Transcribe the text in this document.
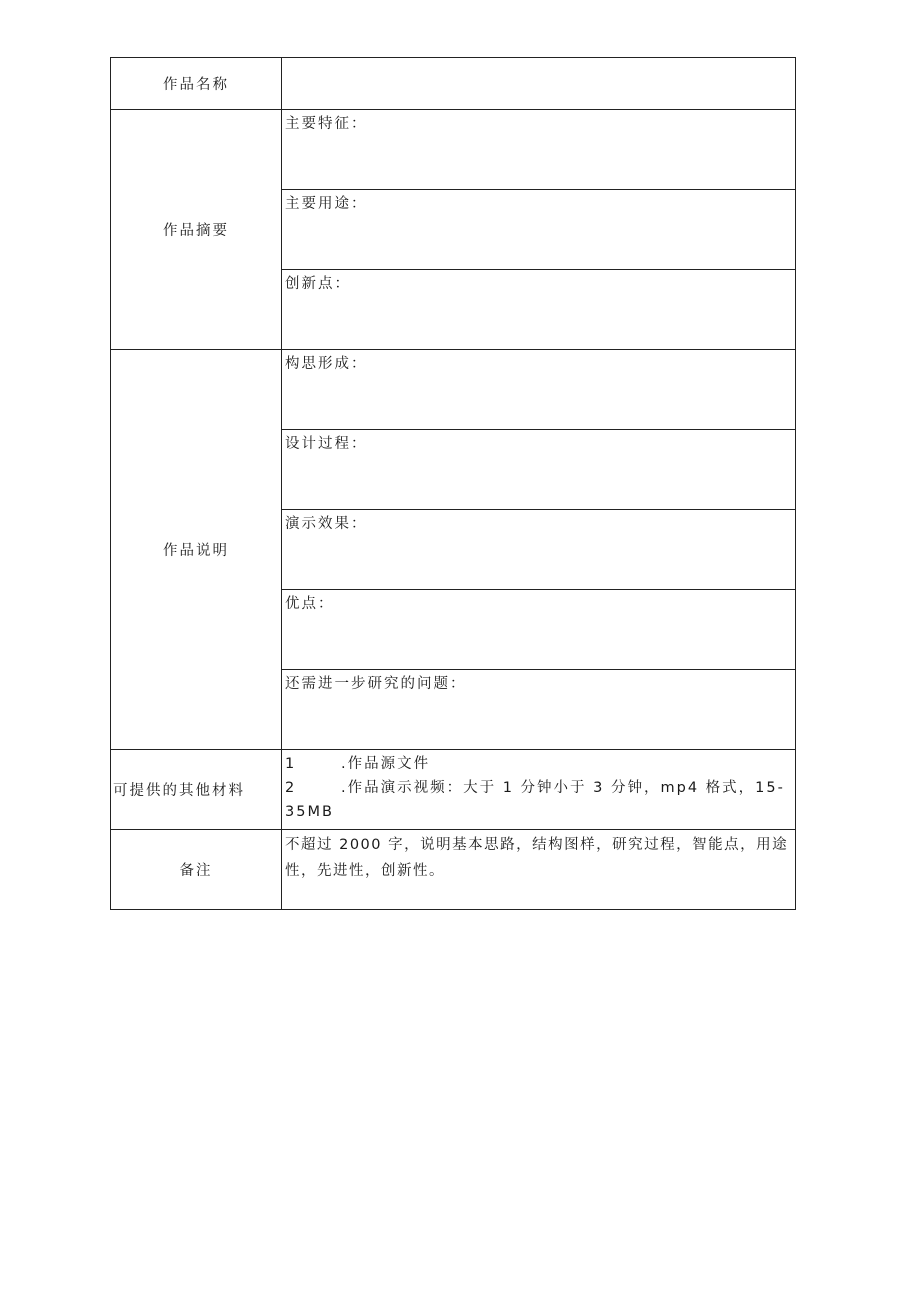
作品名称	
作品摘要	主要特征：
	主要用途：
	创新点：
作品说明	构思形成：
	设计过程：
	演示效果：
	优点：
	还需进一步研究的问题：
可提供的其他材料	1 .作品源文件
2 .作品演示视频：大于 1 分钟小于 3 分钟，mp4 格式，15-
35MB

备注	不超过 2000 字，说明基本思路，结构图样，研究过程，智能点，用途性，先进性，创新性。
